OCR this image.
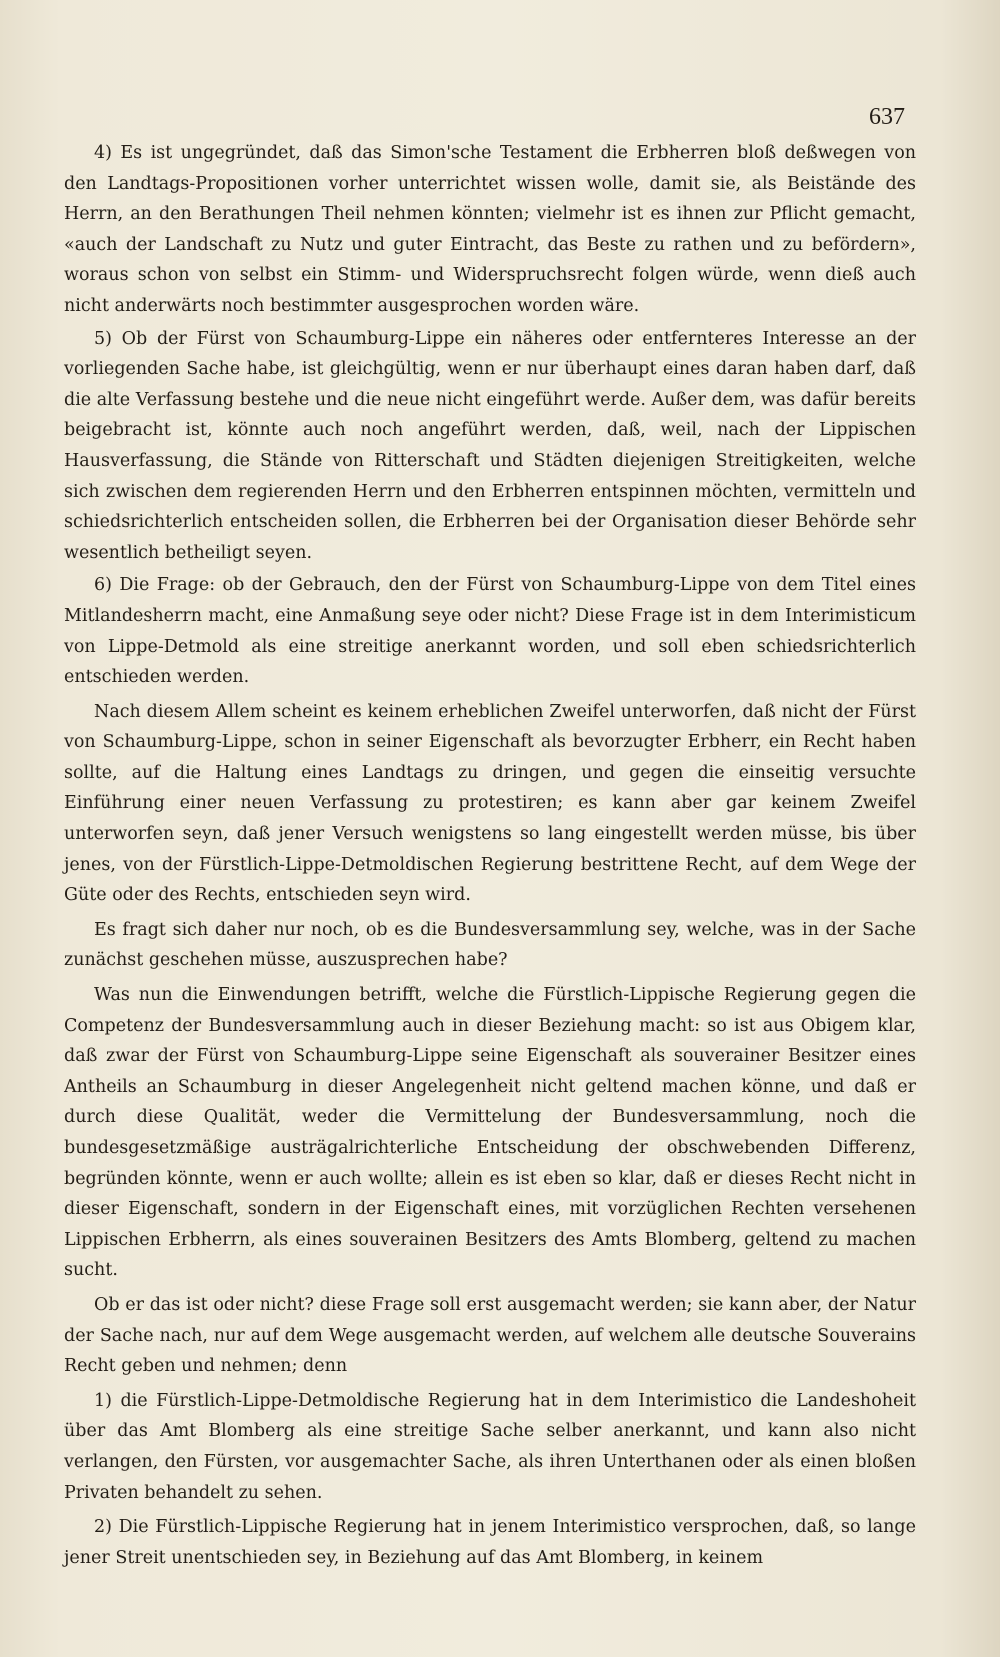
637

4) Es ist ungegründet, daß das Simon'sche Testament die Erbherren bloß deßwegen von den Landtags-Propositionen vorher unterrichtet wissen wolle, damit sie, als Beiständе des Herrn, an den Berathungen Theil nehmen könnten; vielmehr ist es ihnen zur Pflicht gemacht, «auch der Landschaft zu Nutz und guter Eintracht, das Beste zu rathen und zu befördern», woraus schon von selbst ein Stimm- und Widerspruchsrecht folgen würde, wenn dieß auch nicht anderwärts noch bestimmter ausgesprochen worden wäre.

5) Ob der Fürst von Schaumburg-Lippe ein näheres oder entfernteres Interesse an der vorliegenden Sache habe, ist gleichgültig, wenn er nur überhaupt eines daran haben darf, daß die alte Verfassung bestehe und die neue nicht eingeführt werde. Außer dem, was dafür bereits beigebracht ist, könnte auch noch angeführt werden, daß, weil, nach der Lippischen Hausverfassung, die Stände von Ritterschaft und Städten diejenigen Streitigkeiten, welche sich zwischen dem regierenden Herrn und den Erbherren entspinnen möchten, vermitteln und schiedsrichterlich entscheiden sollen, die Erbherren bei der Organisation dieser Behörde sehr wesentlich betheiligt seyen.

6) Die Frage: ob der Gebrauch, den der Fürst von Schaumburg-Lippe von dem Titel eines Mitlandesherrn macht, eine Anmaßung seye oder nicht? Diese Frage ist in dem Interimisticum von Lippe-Detmold als eine streitige anerkannt worden, und soll eben schiedsrichterlich entschieden werden.

Nach diesem Allem scheint es keinem erheblichen Zweifel unterworfen, daß nicht der Fürst von Schaumburg-Lippe, schon in seiner Eigenschaft als bevorzugter Erbherr, ein Recht haben sollte, auf die Haltung eines Landtags zu dringen, und gegen die einseitig versuchte Einführung einer neuen Verfassung zu protestiren; es kann aber gar keinem Zweifel unterworfen seyn, daß jener Versuch wenigstens so lang eingestellt werden müsse, bis über jenes, von der Fürstlich-Lippe-Detmoldischen Regierung bestrittene Recht, auf dem Wege der Güte oder des Rechts, entschieden seyn wird.

Es fragt sich daher nur noch, ob es die Bundesversammlung sey, welche, was in der Sache zunächst geschehen müsse, auszusprechen habe?

Was nun die Einwendungen betrifft, welche die Fürstlich-Lippische Regierung gegen die Competenz der Bundesversammlung auch in dieser Beziehung macht: so ist aus Obigem klar, daß zwar der Fürst von Schaumburg-Lippe seine Eigenschaft als souverainer Besitzer eines Antheils an Schaumburg in dieser Angelegenheit nicht geltend machen könne, und daß er durch diese Qualität, weder die Vermittelung der Bundesversammlung, noch die bundesgesetzmäßige austrägalrichterliche Entscheidung der obschwebenden Differenz, begründen könnte, wenn er auch wollte; allein es ist eben so klar, daß er dieses Recht nicht in dieser Eigenschaft, sondern in der Eigenschaft eines, mit vorzüglichen Rechten versehenen Lippischen Erbherrn, als eines souverainen Besitzers des Amts Blomberg, geltend zu machen sucht.

Ob er das ist oder nicht? diese Frage soll erst ausgemacht werden; sie kann aber, der Natur der Sache nach, nur auf dem Wege ausgemacht werden, auf welchem alle deutsche Souverains Recht geben und nehmen; denn

1) die Fürstlich-Lippe-Detmoldische Regierung hat in dem Interimistico die Landeshoheit über das Amt Blomberg als eine streitige Sache selber anerkannt, und kann also nicht verlangen, den Fürsten, vor ausgemachter Sache, als ihren Unterthanen oder als einen bloßen Privaten behandelt zu sehen.

2) Die Fürstlich-Lippische Regierung hat in jenem Interimistico versprochen, daß, so lange jener Streit unentschieden sey, in Beziehung auf das Amt Blomberg, in keinem
